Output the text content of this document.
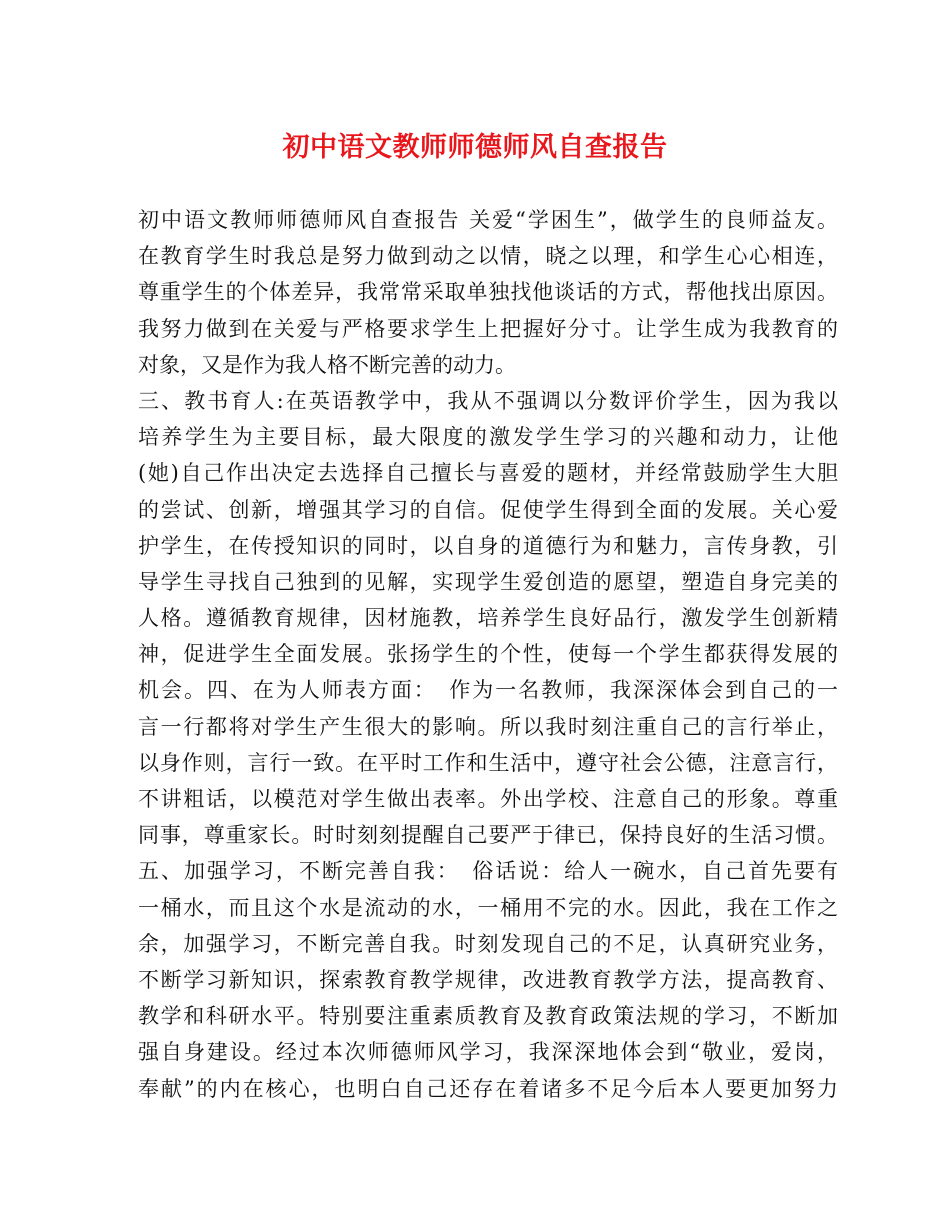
初中语文教师师德师风自查报告
初中语文教师师德师风自查报告 关爱“学困生”，做学生的良师益友。
在教育学生时我总是努力做到动之以情，晓之以理，和学生心心相连，
尊重学生的个体差异，我常常采取单独找他谈话的方式，帮他找出原因。
我努力做到在关爱与严格要求学生上把握好分寸。让学生成为我教育的
对象，又是作为我人格不断完善的动力。
三、教书育人:在英语教学中，我从不强调以分数评价学生，因为我以
培养学生为主要目标，最大限度的激发学生学习的兴趣和动力，让他
(她)自己作出决定去选择自己擅长与喜爱的题材，并经常鼓励学生大胆
的尝试、创新，增强其学习的自信。促使学生得到全面的发展。关心爱
护学生，在传授知识的同时，以自身的道德行为和魅力，言传身教，引
导学生寻找自己独到的见解，实现学生爱创造的愿望，塑造自身完美的
人格。遵循教育规律，因材施教，培养学生良好品行，激发学生创新精
神，促进学生全面发展。张扬学生的个性，使每一个学生都获得发展的
机会。四、在为人师表方面：　作为一名教师，我深深体会到自己的一
言一行都将对学生产生很大的影响。所以我时刻注重自己的言行举止，
以身作则，言行一致。在平时工作和生活中，遵守社会公德，注意言行，
不讲粗话，以模范对学生做出表率。外出学校、注意自己的形象。尊重
同事，尊重家长。时时刻刻提醒自己要严于律已，保持良好的生活习惯。
五、加强学习，不断完善自我：　俗话说：给人一碗水，自己首先要有
一桶水，而且这个水是流动的水，一桶用不完的水。因此，我在工作之
余，加强学习，不断完善自我。时刻发现自己的不足，认真研究业务，
不断学习新知识，探索教育教学规律，改进教育教学方法，提高教育、
教学和科研水平。特别要注重素质教育及教育政策法规的学习，不断加
强自身建设。经过本次师德师风学习，我深深地体会到“敬业，爱岗，
奉献”的内在核心，也明白自己还存在着诸多不足今后本人要更加努力
